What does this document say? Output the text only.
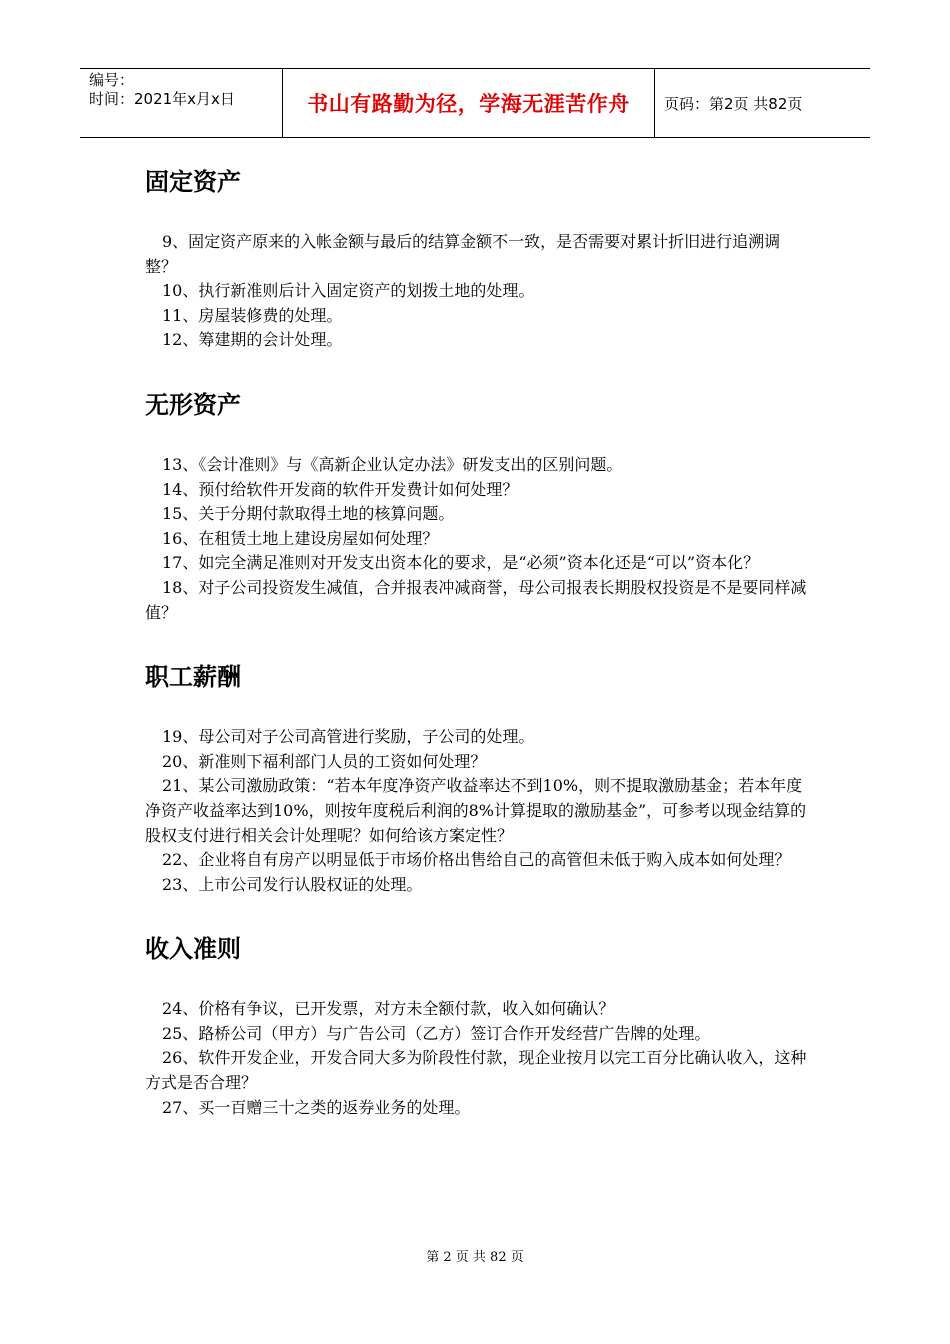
编号：
时间：2021年x月x日	书山有路勤为径，学海无涯苦作舟	页码：第2页 共82页
固定资产
9、固定资产原来的入帐金额与最后的结算金额不一致，是否需要对累计折旧进行追溯调整？
10、执行新准则后计入固定资产的划拨土地的处理。
11、房屋装修费的处理。
12、筹建期的会计处理。
无形资产
13、《会计准则》与《高新企业认定办法》研发支出的区别问题。
14、预付给软件开发商的软件开发费计如何处理？
15、关于分期付款取得土地的核算问题。
16、在租赁土地上建设房屋如何处理？
17、如完全满足准则对开发支出资本化的要求，是“必须”资本化还是“可以”资本化？
18、对子公司投资发生减值，合并报表冲减商誉，母公司报表长期股权投资是不是要同样减值？
职工薪酬
19、母公司对子公司高管进行奖励，子公司的处理。
20、新准则下福利部门人员的工资如何处理？
21、某公司激励政策：“若本年度净资产收益率达不到10%，则不提取激励基金；若本年度净资产收益率达到10%，则按年度税后利润的8%计算提取的激励基金”，可参考以现金结算的股权支付进行相关会计处理呢？如何给该方案定性？
22、企业将自有房产以明显低于市场价格出售给自己的高管但未低于购入成本如何处理？
23、上市公司发行认股权证的处理。
收入准则
24、价格有争议，已开发票，对方未全额付款，收入如何确认？
25、路桥公司（甲方）与广告公司（乙方）签订合作开发经营广告牌的处理。
26、软件开发企业，开发合同大多为阶段性付款，现企业按月以完工百分比确认收入，这种方式是否合理？
27、买一百赠三十之类的返券业务的处理。
第 2 页 共 82 页
